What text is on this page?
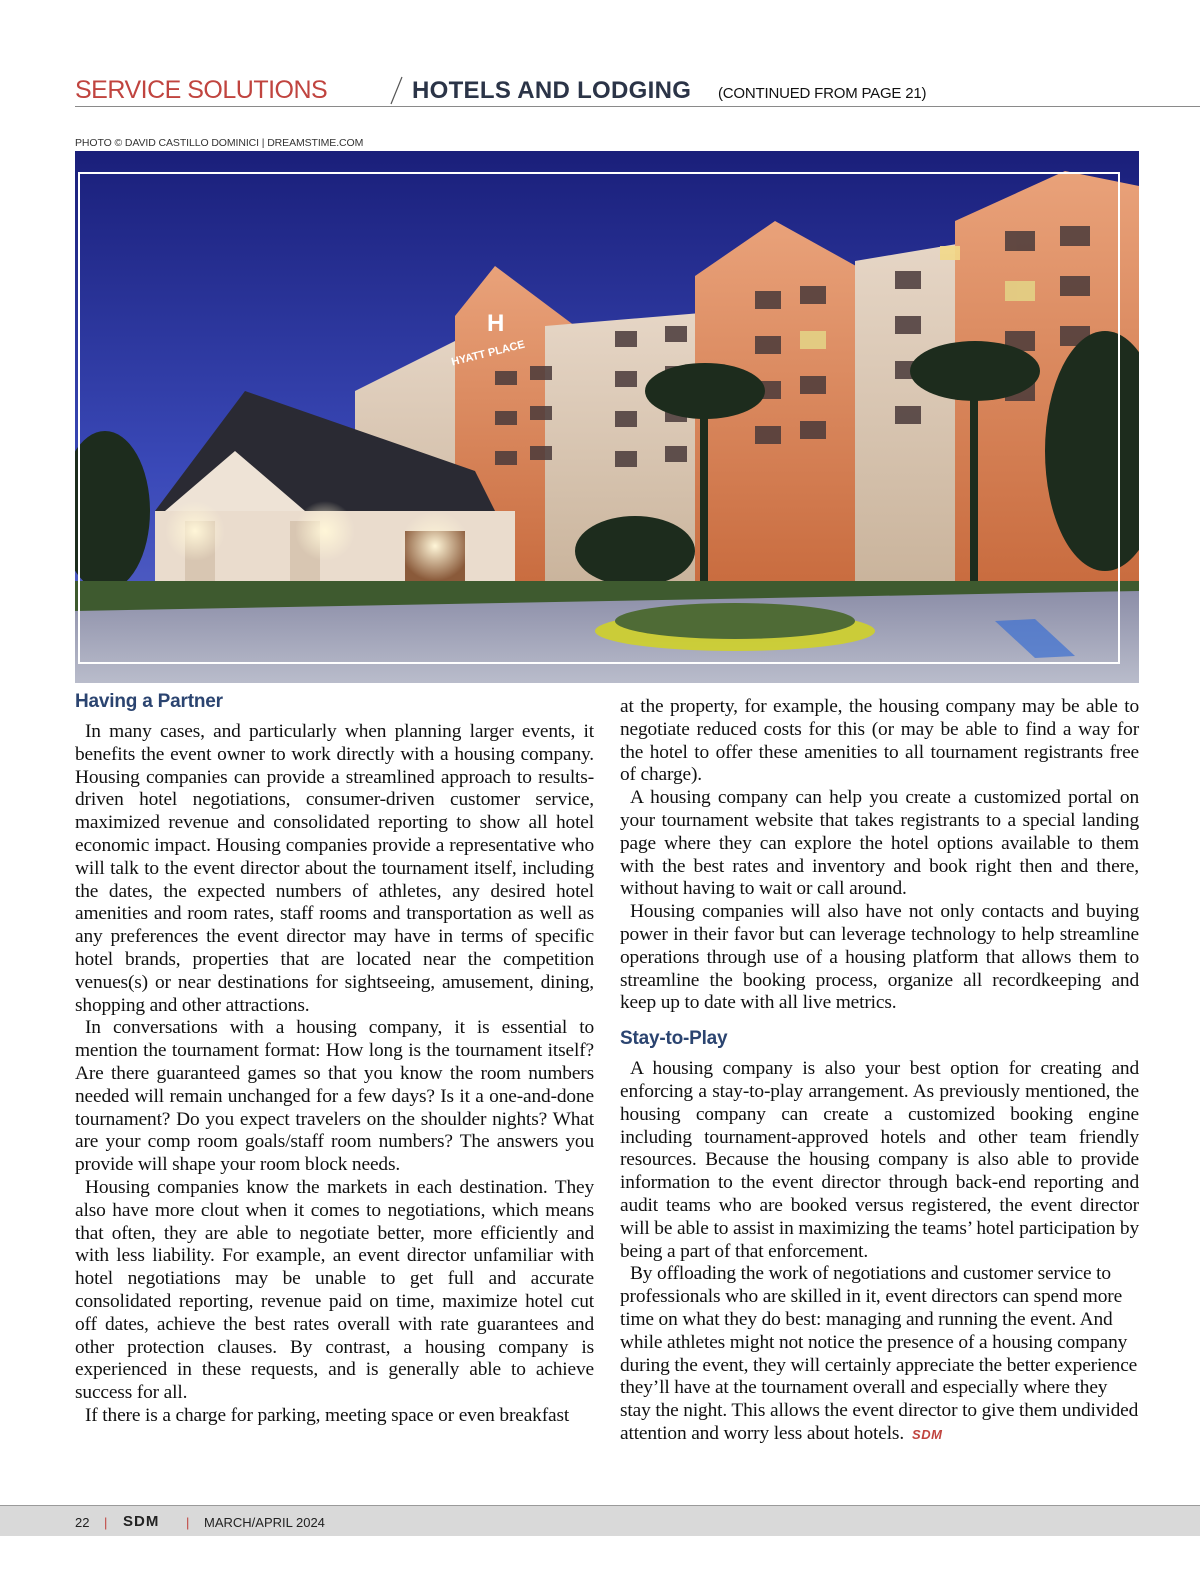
SERVICE SOLUTIONS	HOTELS AND LODGING (CONTINUED FROM PAGE 21)
PHOTO © DAVID CASTILLO DOMINICI | DREAMSTIME.COM
H
HYATT PLACE
Having a Partner

In many cases, and particularly when planning larger events, it benefits the event owner to work directly with a housing company. Housing companies can provide a streamlined approach to results-driven hotel negotiations, consumer-driven customer service, maximized revenue and consolidated reporting to show all hotel economic impact. Housing companies provide a representative who will talk to the event director about the tournament itself, including the dates, the expected numbers of athletes, any desired hotel amenities and room rates, staff rooms and transportation as well as any preferences the event director may have in terms of specific hotel brands, properties that are located near the competition venues(s) or near destinations for sightseeing, amusement, dining, shopping and other attractions.

In conversations with a housing company, it is essential to mention the tournament format: How long is the tournament itself? Are there guaranteed games so that you know the room numbers needed will remain unchanged for a few days? Is it a one-and-done tournament? Do you expect travelers on the shoulder nights? What are your comp room goals/staff room numbers? The answers you provide will shape your room block needs.

Housing companies know the markets in each destination. They also have more clout when it comes to negotiations, which means that often, they are able to negotiate better, more efficiently and with less liability. For example, an event director unfamiliar with hotel negotiations may be unable to get full and accurate consolidated reporting, revenue paid on time, maximize hotel cut off dates, achieve the best rates overall with rate guarantees and other protection clauses. By contrast, a housing company is experienced in these requests, and is generally able to achieve success for all.

If there is a charge for parking, meeting space or even breakfast

at the property, for example, the housing company may be able to negotiate reduced costs for this (or may be able to find a way for the hotel to offer these amenities to all tournament registrants free of charge).

A housing company can help you create a customized portal on your tournament website that takes registrants to a special landing page where they can explore the hotel options available to them with the best rates and inventory and book right then and there, without having to wait or call around.

Housing companies will also have not only contacts and buying power in their favor but can leverage technology to help streamline operations through use of a housing platform that allows them to streamline the booking process, organize all recordkeeping and keep up to date with all live metrics.

Stay-to-Play

A housing company is also your best option for creating and enforcing a stay-to-play arrangement. As previously mentioned, the housing company can create a customized booking engine including tournament-approved hotels and other team friendly resources. Because the housing company is also able to provide information to the event director through back-end reporting and audit teams who are booked versus registered, the event director will be able to assist in maximizing the teams’ hotel participation by being a part of that enforcement.

By offloading the work of negotiations and customer service to professionals who are skilled in it, event directors can spend more time on what they do best: managing and running the event. And while athletes might not notice the presence of a housing company during the event, they will certainly appreciate the better experience they’ll have at the tournament overall and especially where they stay the night. This allows the event director to give them undivided attention and worry less about hotels. SDM

22 | SDM | MARCH/APRIL 2024
